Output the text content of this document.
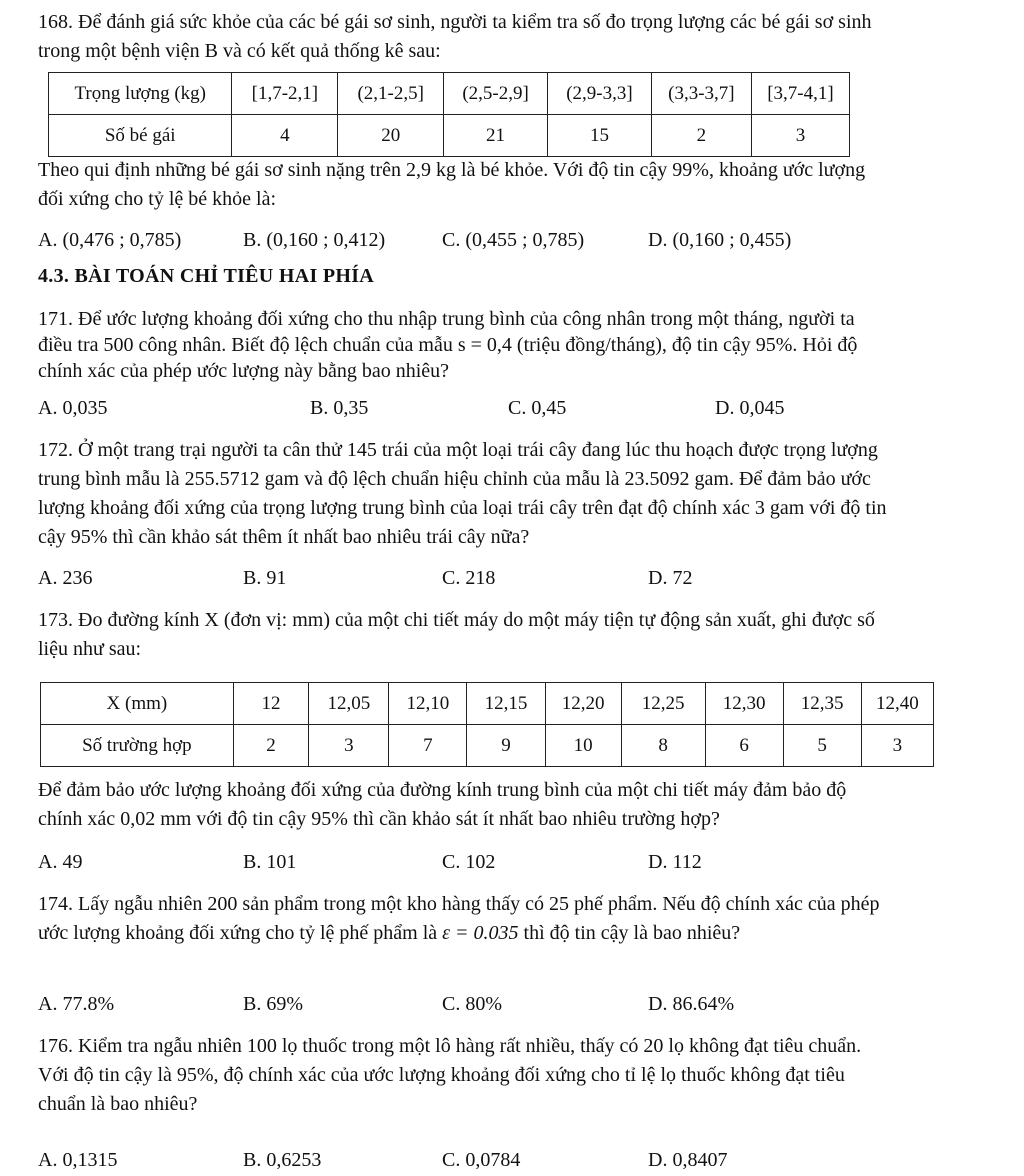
168. Để đánh giá sức khỏe của các bé gái sơ sinh, người ta kiểm tra số đo trọng lượng các bé gái sơ sinh trong một bệnh viện B và có kết quả thống kê sau:

Trọng lượng (kg)	[1,7-2,1]	(2,1-2,5]	(2,5-2,9]	(2,9-3,3]	(3,3-3,7]	[3,7-4,1]
Số bé gái	4	20	21	15	2	3

Theo qui định những bé gái sơ sinh nặng trên 2,9 kg là bé khỏe. Với độ tin cậy 99%, khoảng ước lượng đối xứng cho tỷ lệ bé khỏe là:

A. (0,476 ; 0,785)	B. (0,160 ; 0,412)	C. (0,455 ; 0,785)	D. (0,160 ; 0,455)
4.3. BÀI TOÁN CHỈ TIÊU HAI PHÍA

171. Để ước lượng khoảng đối xứng cho thu nhập trung bình của công nhân trong một tháng, người ta điều tra 500 công nhân. Biết độ lệch chuẩn của mẫu s = 0,4 (triệu đồng/tháng), độ tin cậy 95%. Hỏi độ chính xác của phép ước lượng này bằng bao nhiêu?

A. 0,035	B. 0,35	C. 0,45	D. 0,045

172. Ở một trang trại người ta cân thử 145 trái của một loại trái cây đang lúc thu hoạch được trọng lượng trung bình mẫu là 255.5712 gam và độ lệch chuẩn hiệu chỉnh của mẫu là 23.5092 gam. Để đảm bảo ước lượng khoảng đối xứng của trọng lượng trung bình của loại trái cây trên đạt độ chính xác 3 gam với độ tin cậy 95% thì cần khảo sát thêm ít nhất bao nhiêu trái cây nữa?

A. 236	B. 91	C. 218	D. 72

173. Đo đường kính X (đơn vị: mm) của một chi tiết máy do một máy tiện tự động sản xuất, ghi được số liệu như sau:

X (mm)	12	12,05	12,10	12,15	12,20	12,25	12,30	12,35	12,40
Số trường hợp	2	3	7	9	10	8	6	5	3

Để đảm bảo ước lượng khoảng đối xứng của đường kính trung bình của một chi tiết máy đảm bảo độ chính xác 0,02 mm với độ tin cậy 95% thì cần khảo sát ít nhất bao nhiêu trường hợp?

A. 49	B. 101	C. 102	D. 112

174. Lấy ngẫu nhiên 200 sản phẩm trong một kho hàng thấy có 25 phế phẩm. Nếu độ chính xác của phép ước lượng khoảng đối xứng cho tỷ lệ phế phẩm là ε = 0.035 thì độ tin cậy là bao nhiêu?

A. 77.8%	B. 69%	C. 80%	D. 86.64%

176. Kiểm tra ngẫu nhiên 100 lọ thuốc trong một lô hàng rất nhiều, thấy có 20 lọ không đạt tiêu chuẩn. Với độ tin cậy là 95%, độ chính xác của ước lượng khoảng đối xứng cho tỉ lệ lọ thuốc không đạt tiêu chuẩn là bao nhiêu?

A. 0,1315	B. 0,6253	C. 0,0784	D. 0,8407
